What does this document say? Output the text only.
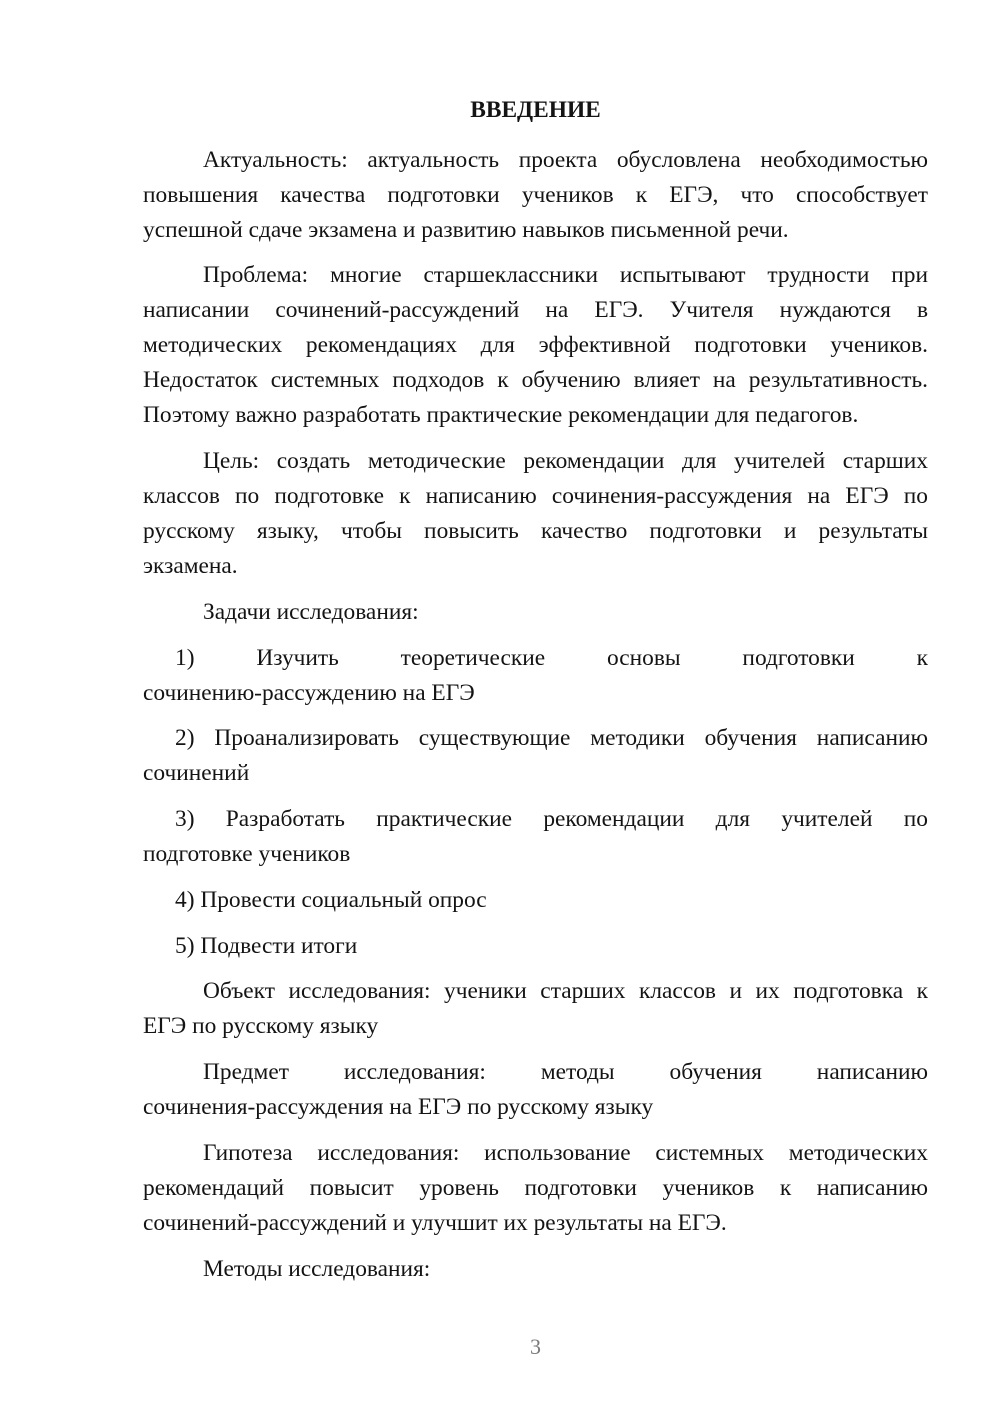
ВВЕДЕНИЕ
Актуальность: актуальность проекта обусловлена необходимостью
повышения качества подготовки учеников к ЕГЭ, что способствует
успешной сдаче экзамена и развитию навыков письменной речи.
Проблема: многие старшеклассники испытывают трудности при
написании сочинений-рассуждений на ЕГЭ. Учителя нуждаются в
методических рекомендациях для эффективной подготовки учеников.
Недостаток системных подходов к обучению влияет на результативность.
Поэтому важно разработать практические рекомендации для педагогов.
Цель: создать методические рекомендации для учителей старших
классов по подготовке к написанию сочинения-рассуждения на ЕГЭ по
русскому языку, чтобы повысить качество подготовки и результаты
экзамена.
Задачи исследования:
1) Изучить теоретические основы подготовки к
сочинению-рассуждению на ЕГЭ
2) Проанализировать существующие методики обучения написанию
сочинений
3) Разработать практические рекомендации для учителей по
подготовке учеников
4) Провести социальный опрос
5) Подвести итоги
Объект исследования: ученики старших классов и их подготовка к
ЕГЭ по русскому языку
Предмет исследования: методы обучения написанию
сочинения-рассуждения на ЕГЭ по русскому языку
Гипотеза исследования: использование системных методических
рекомендаций повысит уровень подготовки учеников к написанию
сочинений-рассуждений и улучшит их результаты на ЕГЭ.
Методы исследования:
3
